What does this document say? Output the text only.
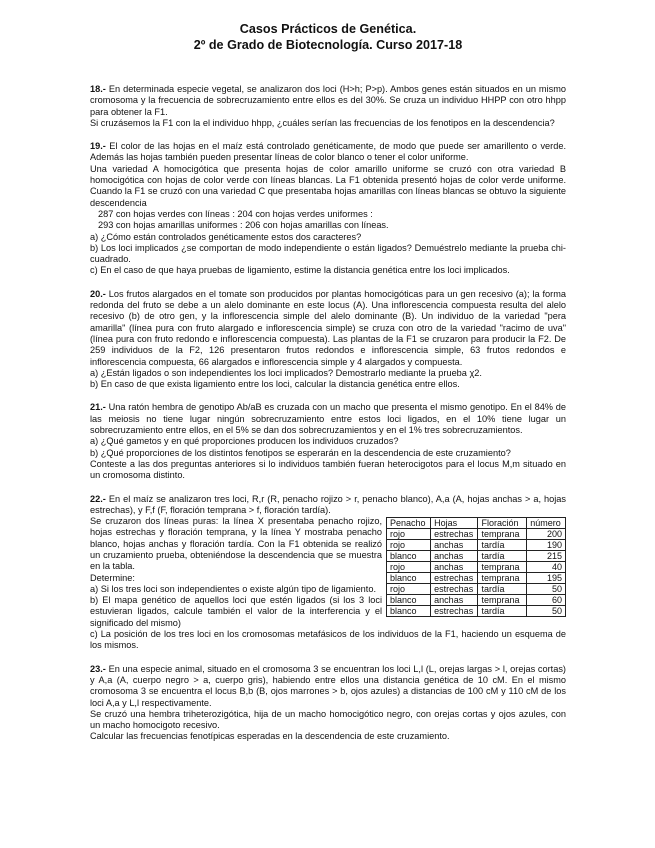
Casos Prácticos de Genética.

2º de Grado de Biotecnología. Curso 2017-18

18.- En determinada especie vegetal, se analizaron dos loci (H>h; P>p). Ambos genes están situados en un mismo cromosoma y la frecuencia de sobrecruzamiento entre ellos es del 30%. Se cruza un individuo HHPP con otro hhpp para obtener la F1.

Si cruzásemos la F1 con la el individuo hhpp, ¿cuáles serían las frecuencias de los fenotipos en la descendencia?

19.- El color de las hojas en el maíz está controlado genéticamente, de modo que puede ser amarillento o verde. Además las hojas también pueden presentar líneas de color blanco o tener el color uniforme.

Una variedad A homocigótica que presenta hojas de color amarillo uniforme se cruzó con otra variedad B homocigótica con hojas de color verde con líneas blancas. La F1 obtenida presentó hojas de color verde uniforme. Cuando la F1 se cruzó con una variedad C que presentaba hojas amarillas con líneas blancas se obtuvo la siguiente descendencia

287 con hojas verdes con líneas : 204 con hojas verdes uniformes :

293 con hojas amarillas uniformes : 206 con hojas amarillas con líneas.

a) ¿Cómo están controlados genéticamente estos dos caracteres?

b) Los loci implicados ¿se comportan de modo independiente o están ligados? Demuéstrelo mediante la prueba chi-cuadrado.

c) En el caso de que haya pruebas de ligamiento, estime la distancia genética entre los loci implicados.

20.- Los frutos alargados en el tomate son producidos por plantas homocigóticas para un gen recesivo (a); la forma redonda del fruto se debe a un alelo dominante en este locus (A). Una inflorescencia compuesta resulta del alelo recesivo (b) de otro gen, y la inflorescencia simple del alelo dominante (B). Un individuo de la variedad "pera amarilla" (línea pura con fruto alargado e inflorescencia simple) se cruza con otro de la variedad "racimo de uva" (línea pura con fruto redondo e inflorescencia compuesta). Las plantas de la F1 se cruzaron para producir la F2. De 259 individuos de la F2, 126 presentaron frutos redondos e inflorescencia simple, 63 frutos redondos e inflorescencia compuesta, 66 alargados e inflorescencia simple y 4 alargados y compuesta.

a) ¿Están ligados o son independientes los loci implicados? Demostrarlo mediante la prueba χ2.

b) En caso de que exista ligamiento entre los loci, calcular la distancia genética entre ellos.

21.- Una ratón hembra de genotipo Ab/aB es cruzada con un macho que presenta el mismo genotipo. En el 84% de las meiosis no tiene lugar ningún sobrecruzamiento entre estos loci ligados, en el 10% tiene lugar un sobrecruzamiento entre ellos, en el 5% se dan dos sobrecruzamientos y en el 1% tres sobrecruzamientos.

a) ¿Qué gametos y en qué proporciones producen los individuos cruzados?

b) ¿Qué proporciones de los distintos fenotipos se esperarán en la descendencia de este cruzamiento?

Conteste a las dos preguntas anteriores si lo individuos también fueran heterocigotos para el locus M,m situado en un cromosoma distinto.

22.- En el maíz se analizaron tres loci, R,r (R, penacho rojizo > r, penacho blanco), A,a (A, hojas anchas > a, hojas estrechas), y F,f (F, floración temprana > f, floración tardía).

Se cruzaron dos líneas puras: la línea X presentaba penacho rojizo, hojas estrechas y floración temprana, y la línea Y mostraba penacho blanco, hojas anchas y floración tardía. Con la F1 obtenida se realizó un cruzamiento prueba, obteniéndose la descendencia que se muestra en la tabla.

Determine:

a) Si los tres loci son independientes o existe algún tipo de ligamiento.

b) El mapa genético de aquellos loci que estén ligados (si los 3 loci estuvieran ligados, calcule también el valor de la interferencia y el significado del mismo)

Penacho	Hojas	Floración	número
rojo	estrechas	temprana	200
rojo	anchas	tardía	190
blanco	anchas	tardía	215
rojo	anchas	temprana	40
blanco	estrechas	temprana	195
rojo	estrechas	tardía	50
blanco	anchas	temprana	60
blanco	estrechas	tardía	50

c) La posición de los tres loci en los cromosomas metafásicos de los individuos de la F1, haciendo un esquema de los mismos.

23.- En una especie animal, situado en el cromosoma 3 se encuentran los loci L,l (L, orejas largas > l, orejas cortas) y A,a (A, cuerpo negro > a, cuerpo gris), habiendo entre ellos una distancia genética de 10 cM. En el mismo cromosoma 3 se encuentra el locus B,b (B, ojos marrones > b, ojos azules) a distancias de 100 cM y 110 cM de los loci A,a y L,l respectivamente.

Se cruzó una hembra triheterozigótica, hija de un macho homocigótico negro, con orejas cortas y ojos azules, con un macho homocigoto recesivo.

Calcular las frecuencias fenotípicas esperadas en la descendencia de este cruzamiento.
